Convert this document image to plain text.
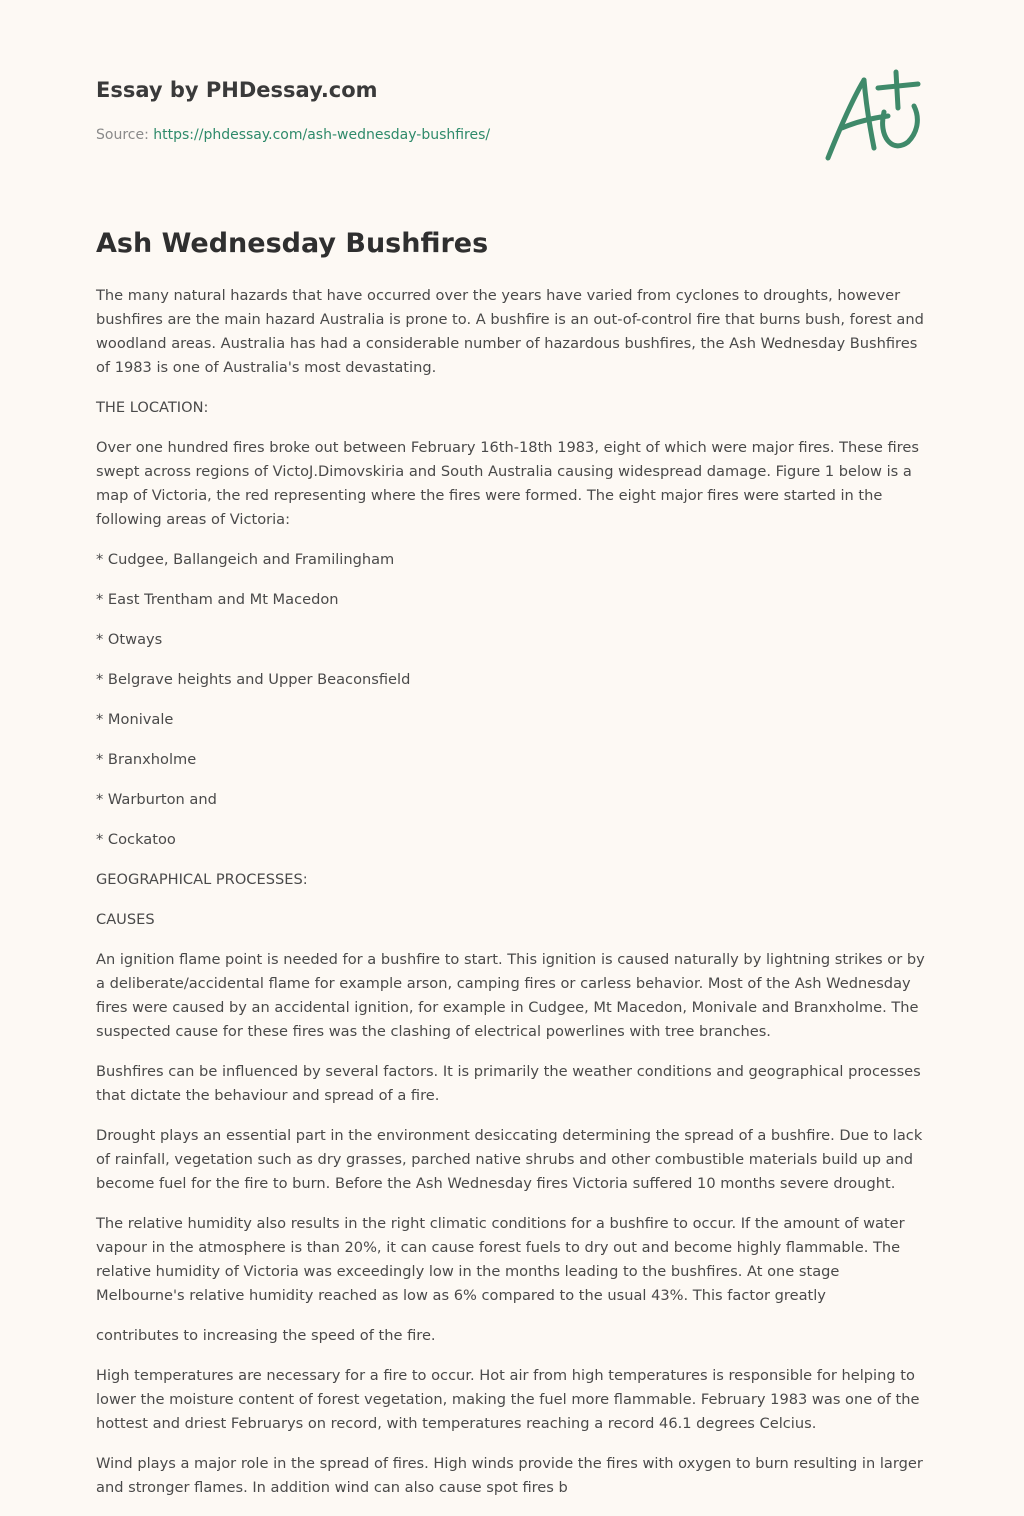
Essay by PHDessay.com
Source: https://phdessay.com/ash-wednesday-bushfires/
Ash Wednesday Bushfires

The many natural hazards that have occurred over the years have varied from cyclones to droughts, however bushfires are the main hazard Australia is prone to. A bushfire is an out-of-control fire that burns bush, forest and woodland areas. Australia has had a considerable number of hazardous bushfires, the Ash Wednesday Bushfires of 1983 is one of Australia's most devastating.

THE LOCATION:

Over one hundred fires broke out between February 16th-18th 1983, eight of which were major fires. These fires swept across regions of VictoJ.Dimovskiria and South Australia causing widespread damage. Figure 1 below is a map of Victoria, the red representing where the fires were formed. The eight major fires were started in the following areas of Victoria:

* Cudgee, Ballangeich and Framilingham

* East Trentham and Mt Macedon

* Otways

* Belgrave heights and Upper Beaconsfield

* Monivale

* Branxholme

* Warburton and

* Cockatoo

GEOGRAPHICAL PROCESSES:

CAUSES

An ignition flame point is needed for a bushfire to start. This ignition is caused naturally by lightning strikes or by a deliberate/accidental flame for example arson, camping fires or carless behavior. Most of the Ash Wednesday fires were caused by an accidental ignition, for example in Cudgee, Mt Macedon, Monivale and Branxholme. The suspected cause for these fires was the clashing of electrical powerlines with tree branches.

Bushfires can be influenced by several factors. It is primarily the weather conditions and geographical processes that dictate the behaviour and spread of a fire.

Drought plays an essential part in the environment desiccating determining the spread of a bushfire. Due to lack of rainfall, vegetation such as dry grasses, parched native shrubs and other combustible materials build up and become fuel for the fire to burn. Before the Ash Wednesday fires Victoria suffered 10 months severe drought.

The relative humidity also results in the right climatic conditions for a bushfire to occur. If the amount of water vapour in the atmosphere is than 20%, it can cause forest fuels to dry out and become highly flammable. The relative humidity of Victoria was exceedingly low in the months leading to the bushfires. At one stage Melbourne's relative humidity reached as low as 6% compared to the usual 43%. This factor greatly

contributes to increasing the speed of the fire.

High temperatures are necessary for a fire to occur. Hot air from high temperatures is responsible for helping to lower the moisture content of forest vegetation, making the fuel more flammable. February 1983 was one of the hottest and driest Februarys on record, with temperatures reaching a record 46.1 degrees Celcius.

Wind plays a major role in the spread of fires. High winds provide the fires with oxygen to burn resulting in larger and stronger flames. In addition wind can also cause spot fires b
